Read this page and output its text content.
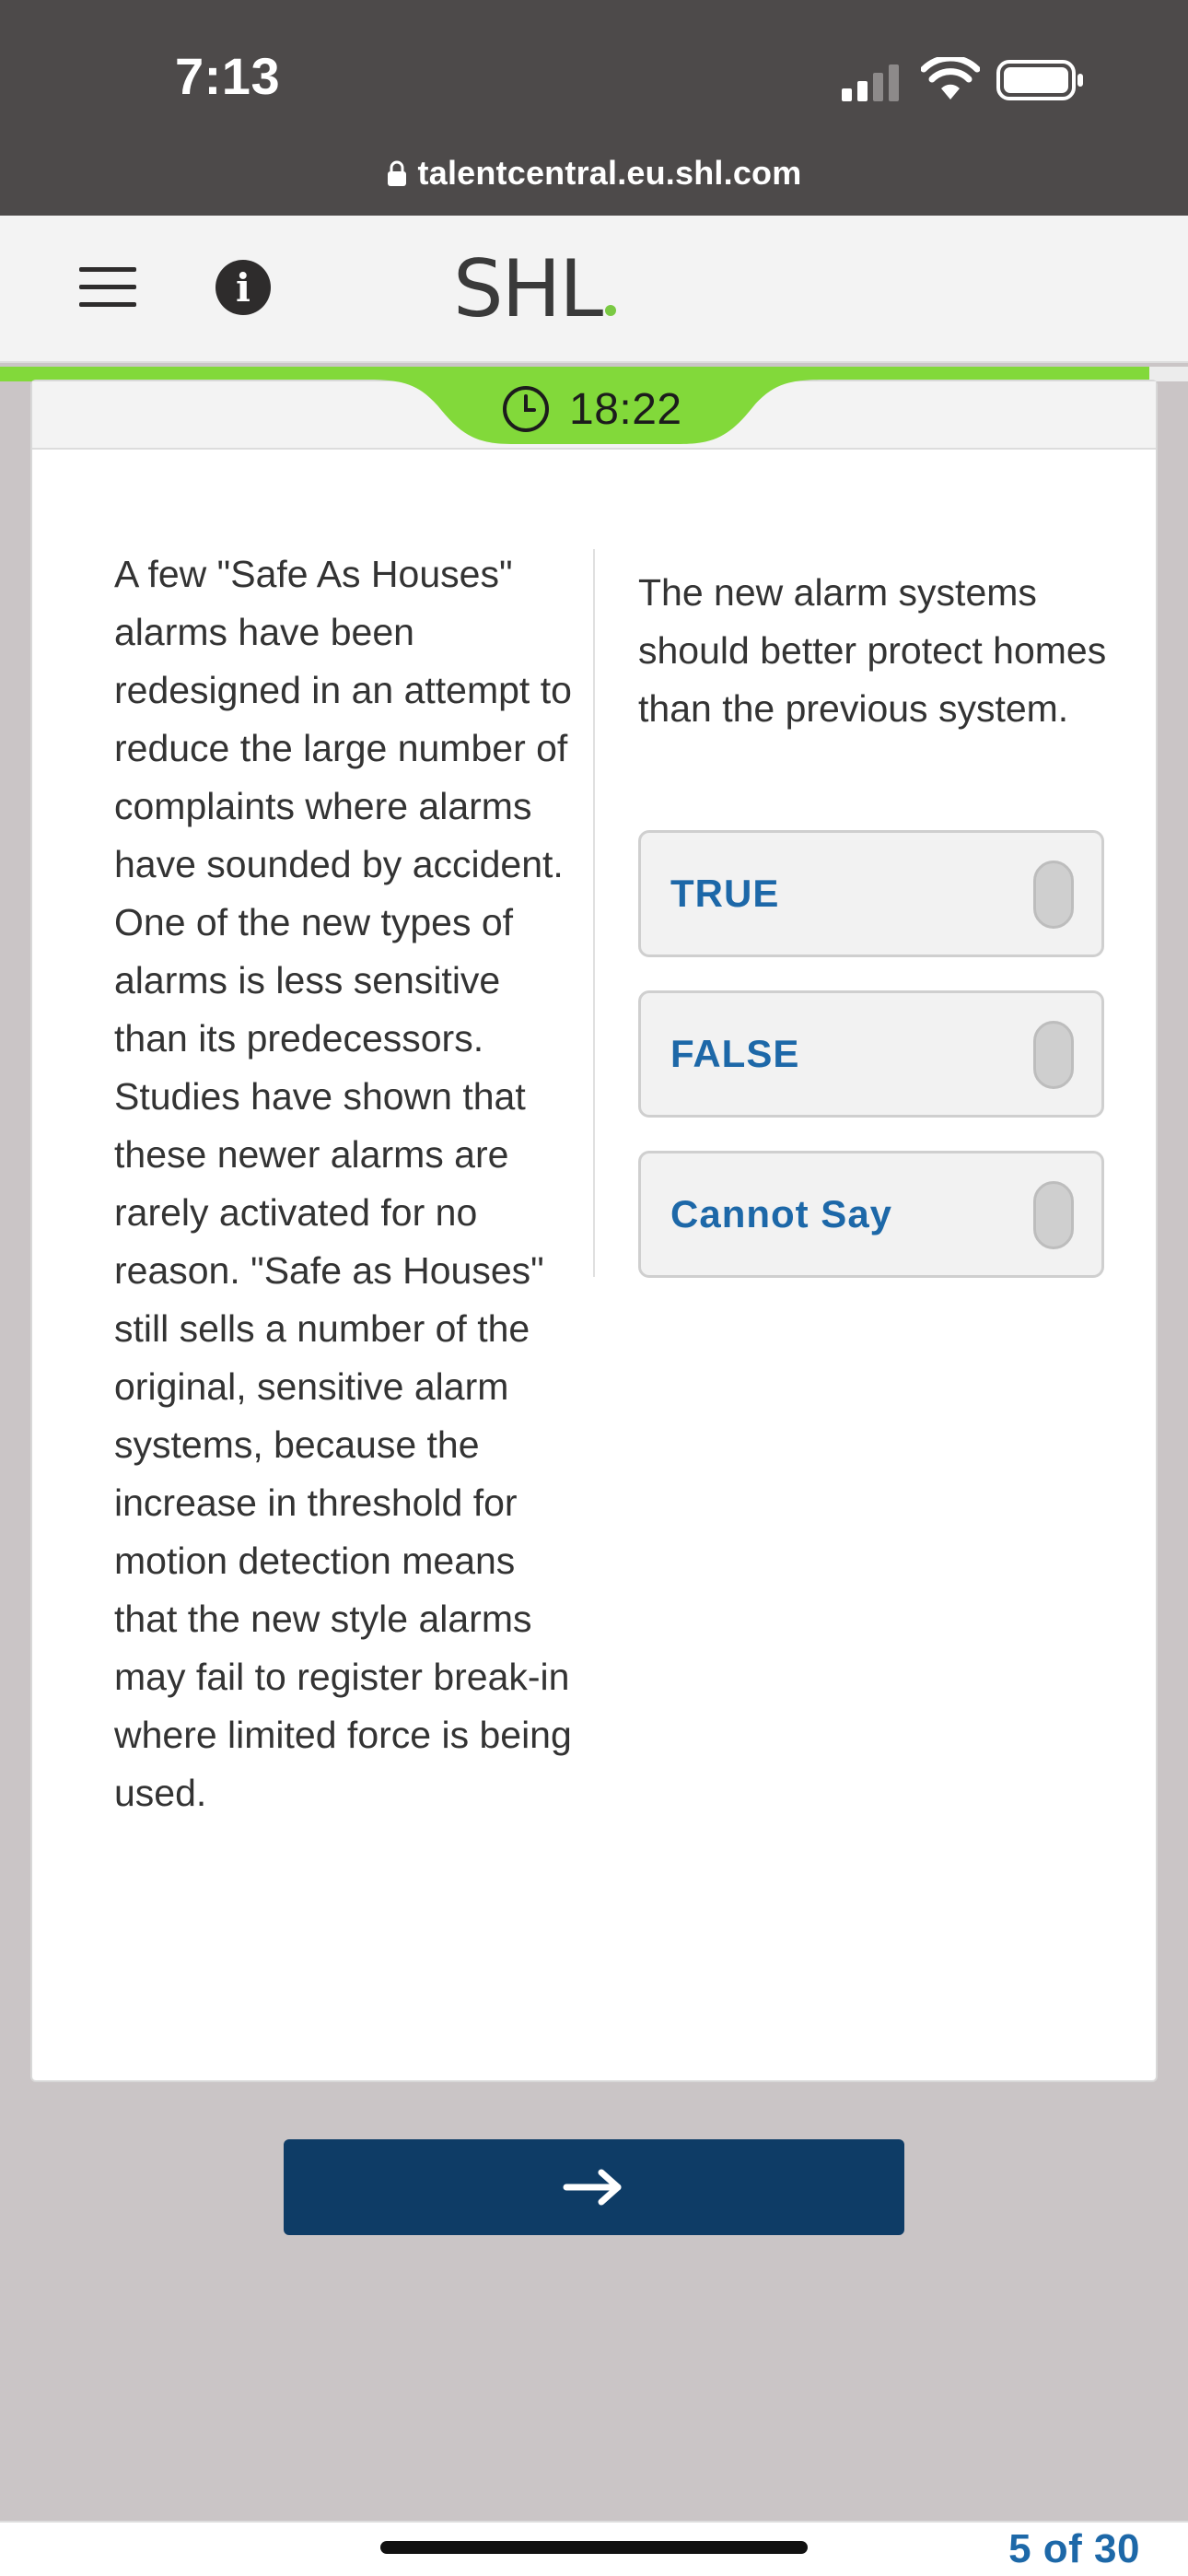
7:13
talentcentral.eu.shl.com
i	SHL
18:22
A few "Safe As Houses" alarms have been redesigned in an attempt to reduce the large number of complaints where alarms have sounded by accident. One of the new types of alarms is less sensitive than its predecessors. Studies have shown that these newer alarms are rarely activated for no reason. "Safe as Houses" still sells a number of the original, sensitive alarm systems, because the increase in threshold for motion detection means that the new style alarms may fail to register break-in where limited force is being used.
The new alarm systems should better protect homes than the previous system.
TRUE
FALSE
Cannot Say
5 of 30
